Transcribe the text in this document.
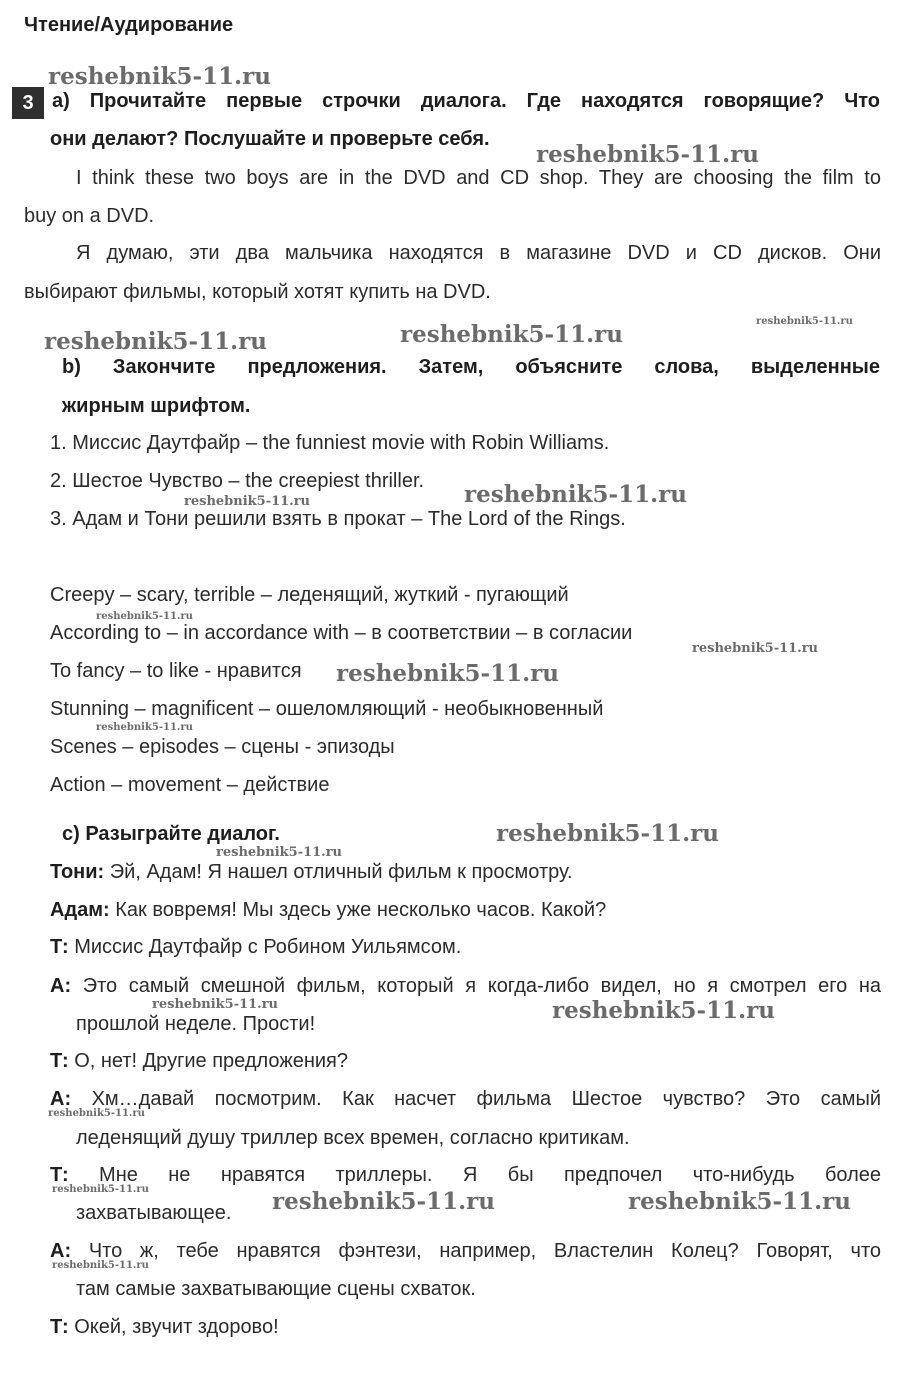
Чтение/Аудирование
3 а) Прочитайте первые строчки диалога. Где находятся говорящие? Что
они делают? Послушайте и проверьте себя.
I think these two boys are in the DVD and CD shop. They are choosing the film to
buy on a DVD.
Я думаю, эти два мальчика находятся в магазине DVD и CD дисков. Они
выбирают фильмы, который хотят купить на DVD.
b) Закончите предложения. Затем, объясните слова, выделенные
жирным шрифтом.
1. Миссис Даутфайр – the funniest movie with Robin Williams.
2. Шестое Чувство – the creepiest thriller.
3. Адам и Тони решили взять в прокат – The Lord of the Rings.
Creepy – scary, terrible – леденящий, жуткий - пугающий
According to – in accordance with – в соответствии – в согласии
To fancy – to like - нравится
Stunning – magnificent – ошеломляющий - необыкновенный
Scenes – episodes – сцены - эпизоды
Action – movement – действие
c) Разыграйте диалог.
Тони: Эй, Адам! Я нашел отличный фильм к просмотру.
Адам: Как вовремя! Мы здесь уже несколько часов. Какой?
Т: Миссис Даутфайр с Робином Уильямсом.
А: Это самый смешной фильм, который я когда-либо видел, но я смотрел его на
прошлой неделе. Прости!
Т: О, нет! Другие предложения?
А: Хм…давай посмотрим. Как насчет фильма Шестое чувство? Это самый
леденящий душу триллер всех времен, согласно критикам.
Т: Мне не нравятся триллеры. Я бы предпочел что-нибудь более
захватывающее.
А: Что ж, тебе нравятся фэнтези, например, Властелин Колец? Говорят, что
там самые захватывающие сцены схваток.
Т: Окей, звучит здорово!
reshebnik5-11.ru
reshebnik5-11.ru
reshebnik5-11.ru	reshebnik5-11.ru	reshebnik5-11.ru
reshebnik5-11.ru	reshebnik5-11.ru
reshebnik5-11.ru
reshebnik5-11.ru
reshebnik5-11.ru
reshebnik5-11.ru
reshebnik5-11.ru
reshebnik5-11.ru
reshebnik5-11.ru	reshebnik5-11.ru
reshebnik5-11.ru
reshebnik5-11.ru	reshebnik5-11.ru	reshebnik5-11.ru
reshebnik5-11.ru
